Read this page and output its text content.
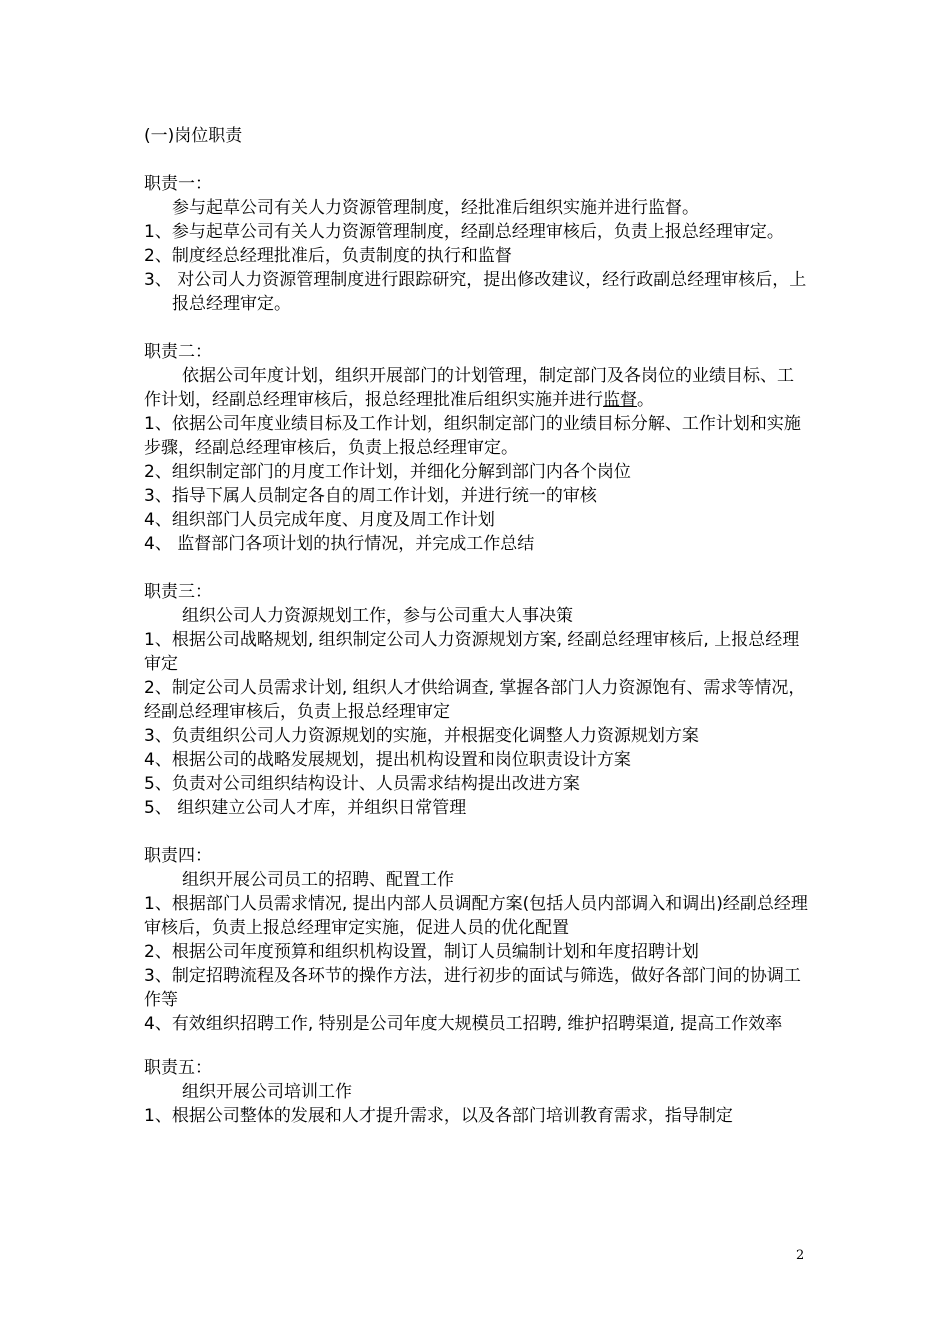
(一)岗位职责

职责一：

参与起草公司有关人力资源管理制度，经批准后组织实施并进行监督。

1、参与起草公司有关人力资源管理制度，经副总经理审核后，负责上报总经理审定。

2、制度经总经理批准后，负责制度的执行和监督

3、 对公司人力资源管理制度进行跟踪研究，提出修改建议，经行政副总经理审核后，上报总经理审定。

职责二：

依据公司年度计划，组织开展部门的计划管理，制定部门及各岗位的业绩目标、工作计划，经副总经理审核后，报总经理批准后组织实施并进行监督。

1、依据公司年度业绩目标及工作计划，组织制定部门的业绩目标分解、工作计划和实施步骤，经副总经理审核后，负责上报总经理审定。

2、组织制定部门的月度工作计划，并细化分解到部门内各个岗位

3、指导下属人员制定各自的周工作计划，并进行统一的审核

4、组织部门人员完成年度、月度及周工作计划

4、 监督部门各项计划的执行情况，并完成工作总结

职责三：

组织公司人力资源规划工作，参与公司重大人事决策

1、根据公司战略规划, 组织制定公司人力资源规划方案, 经副总经理审核后, 上报总经理审定

2、制定公司人员需求计划, 组织人才供给调查, 掌握各部门人力资源饱有、需求等情况，经副总经理审核后，负责上报总经理审定

3、负责组织公司人力资源规划的实施，并根据变化调整人力资源规划方案

4、根据公司的战略发展规划，提出机构设置和岗位职责设计方案

5、负责对公司组织结构设计、人员需求结构提出改进方案

5、 组织建立公司人才库，并组织日常管理

职责四：

组织开展公司员工的招聘、配置工作

1、根据部门人员需求情况, 提出内部人员调配方案(包括人员内部调入和调出)经副总经理审核后，负责上报总经理审定实施，促进人员的优化配置

2、根据公司年度预算和组织机构设置，制订人员编制计划和年度招聘计划

3、制定招聘流程及各环节的操作方法，进行初步的面试与筛选，做好各部门间的协调工作等

4、有效组织招聘工作, 特别是公司年度大规模员工招聘, 维护招聘渠道, 提高工作效率

职责五：

组织开展公司培训工作

1、根据公司整体的发展和人才提升需求，以及各部门培训教育需求，指导制定

2
